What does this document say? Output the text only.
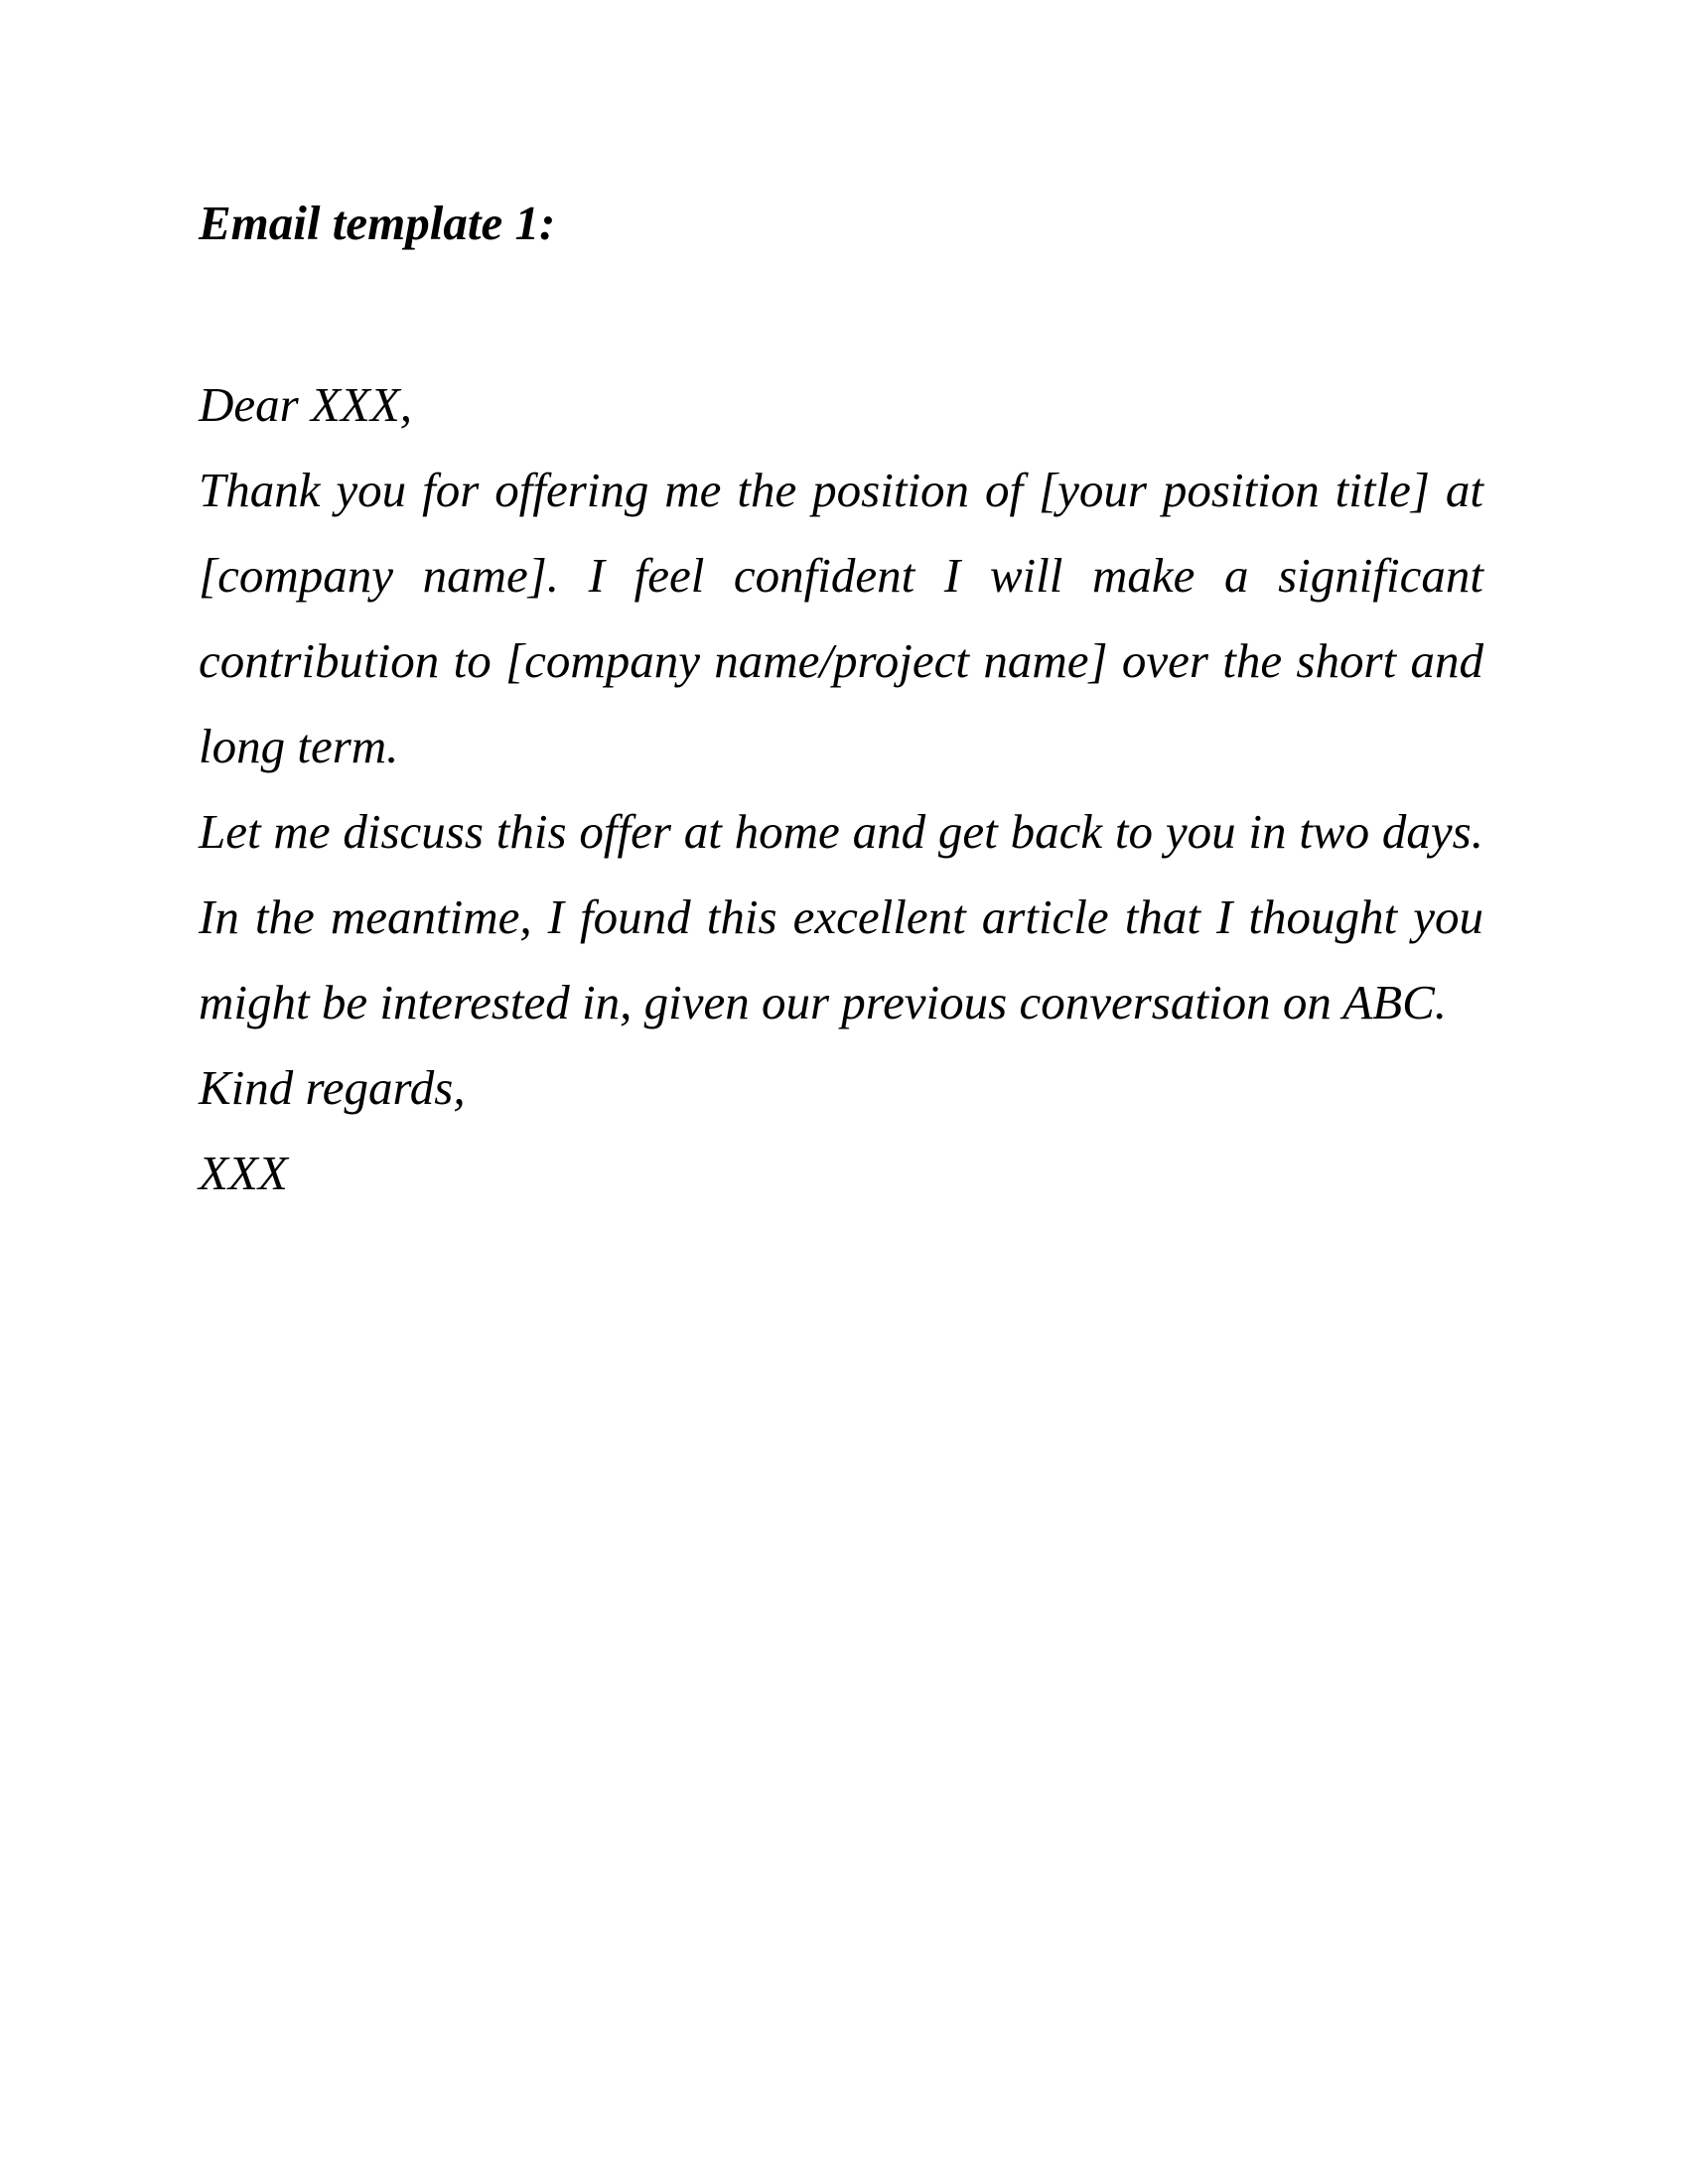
Email template 1:

Dear XXX,

Thank you for offering me the position of [your position title] at [company name]. I feel confident I will make a significant contribution to [company name/project name] over the short and long term.

Let me discuss this offer at home and get back to you in two days. In the meantime, I found this excellent article that I thought you might be interested in, given our previous conversation on ABC.

Kind regards,

XXX
